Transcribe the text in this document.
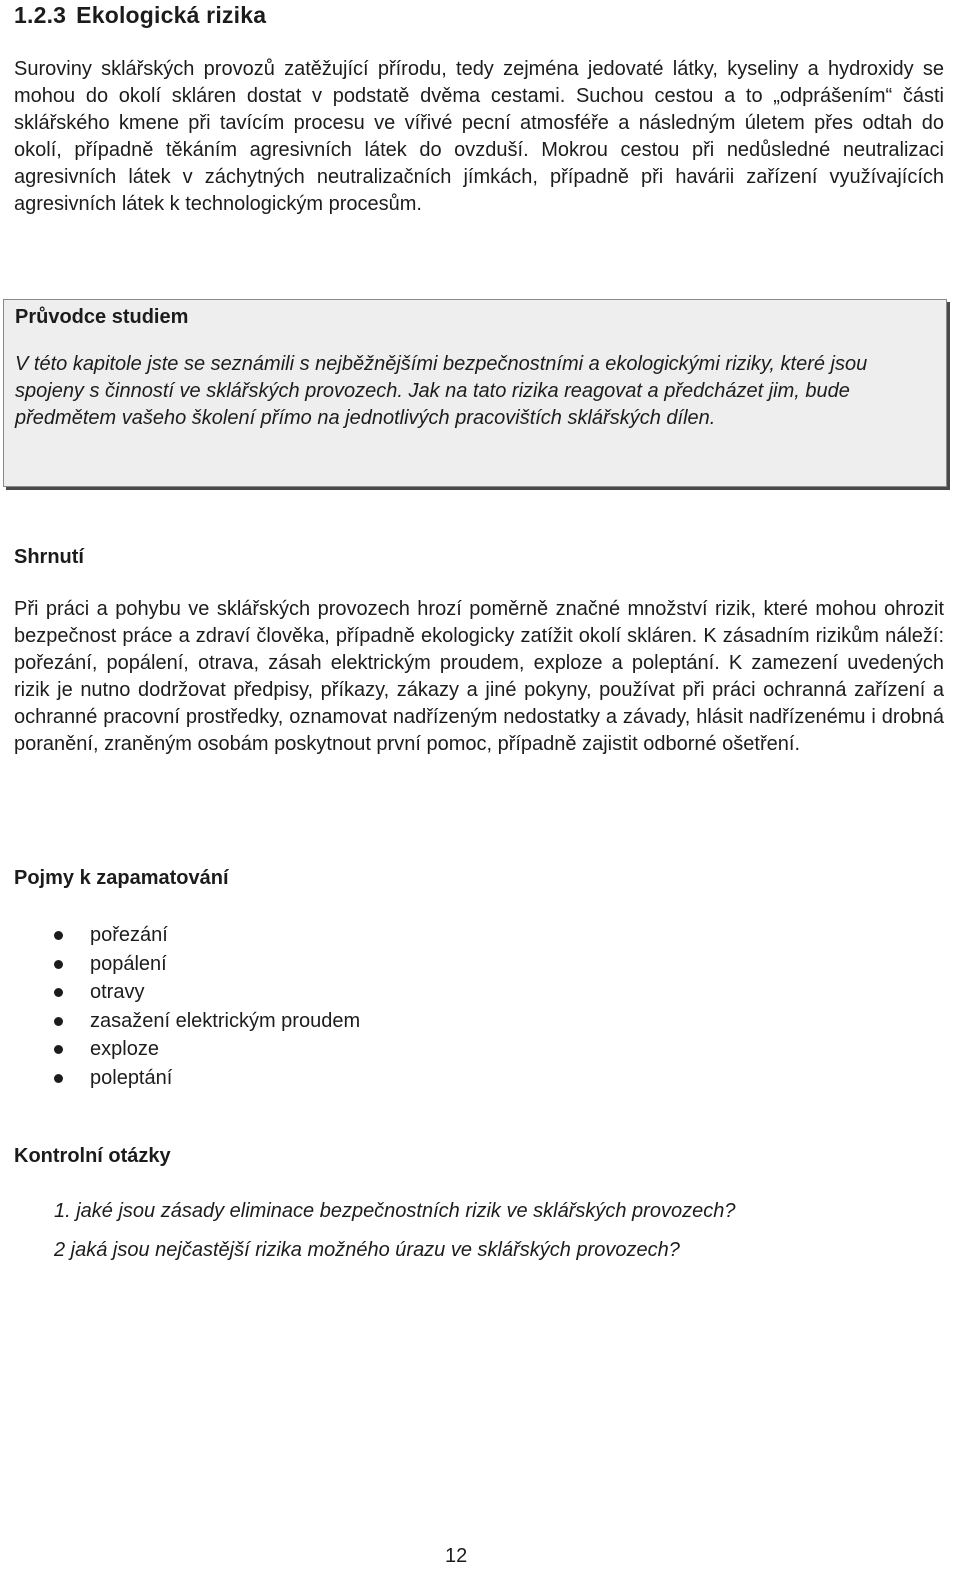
1.2.3 Ekologická rizika

Suroviny sklářských provozů zatěžující přírodu, tedy zejména jedovaté látky, kyseliny a hydroxidy se mohou do okolí skláren dostat v podstatě dvěma cestami. Suchou cestou a to „odprášením“ části sklářského kmene při tavícím procesu ve vířivé pecní atmosféře a následným úletem přes odtah do okolí, případně těkáním agresivních látek do ovzduší. Mokrou cestou při nedůsledné neutralizaci agresivních látek v záchytných neutralizačních jímkách, případně při havárii zařízení využívajících agresivních látek k technologickým procesům.

Průvodce studiem

V této kapitole jste se seznámili s nejběžnějšími bezpečnostními a ekologickými riziky, které jsou spojeny s činností ve sklářských provozech. Jak na tato rizika reagovat a předcházet jim, bude předmětem vašeho školení přímo na jednotlivých pracovištích sklářských dílen.

Shrnutí

Při práci a pohybu ve sklářských provozech hrozí poměrně značné množství rizik, které mohou ohrozit bezpečnost práce a zdraví člověka, případně ekologicky zatížit okolí skláren. K zásadním rizikům náleží: pořezání, popálení, otrava, zásah elektrickým proudem, exploze a poleptání. K zamezení uvedených rizik je nutno dodržovat předpisy, příkazy, zákazy a jiné pokyny, používat při práci ochranná zařízení a ochranné pracovní prostředky, oznamovat nadřízeným nedostatky a závady, hlásit nadřízenému i drobná poranění, zraněným osobám poskytnout první pomoc, případně zajistit odborné ošetření.

Pojmy k zapamatování

pořezání
popálení
otravy
zasažení elektrickým proudem
exploze
poleptání

Kontrolní otázky

1. jaké jsou zásady eliminace bezpečnostních rizik ve sklářských provozech?
2 jaká jsou nejčastější rizika možného úrazu ve sklářských provozech?
12
